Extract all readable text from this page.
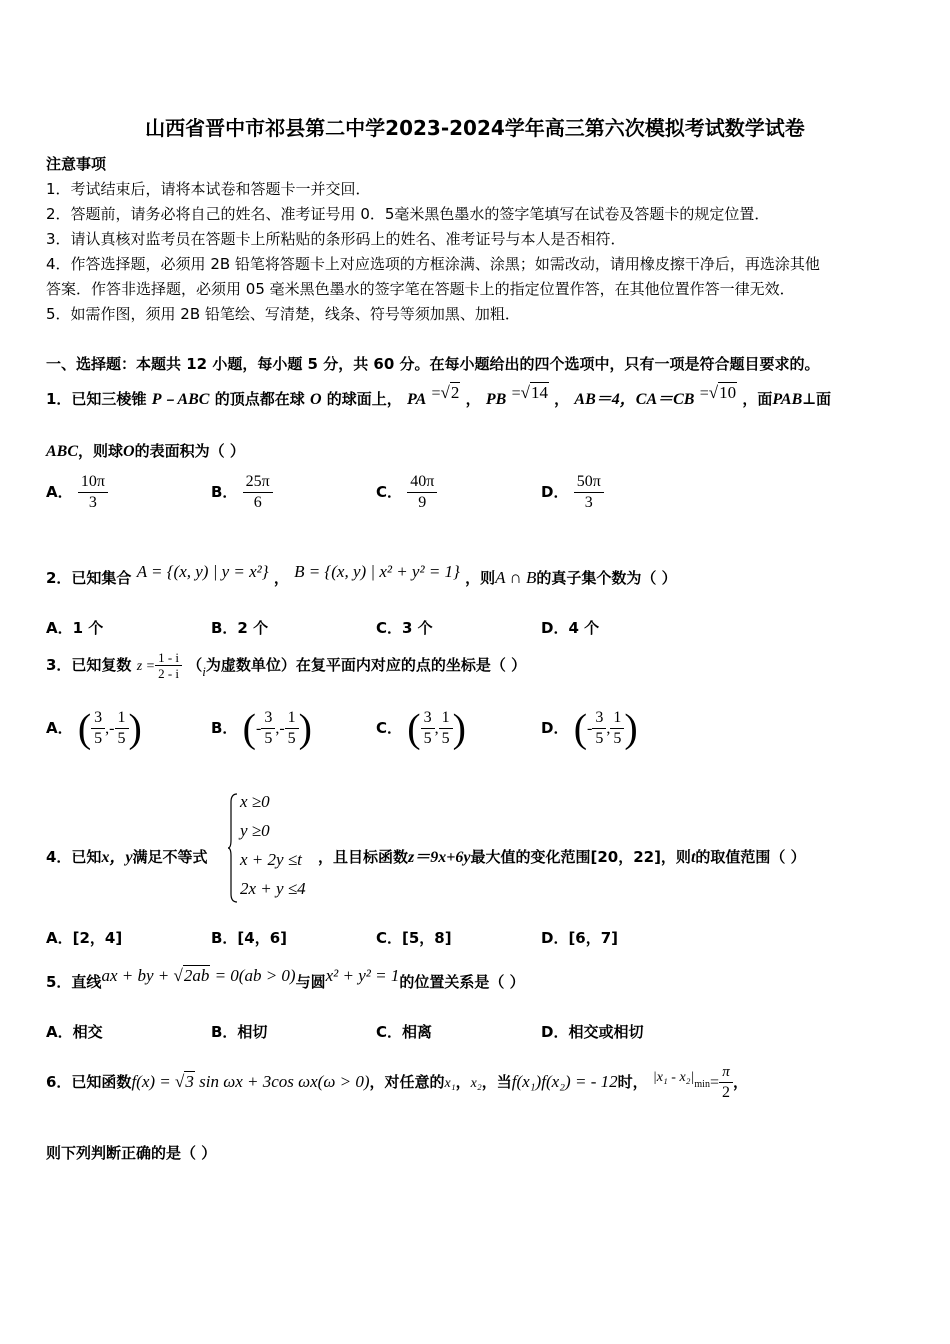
山西省晋中市祁县第二中学2023-2024学年高三第六次模拟考试数学试卷
注意事项
1．考试结束后，请将本试卷和答题卡一并交回．
2．答题前，请务必将自己的姓名、准考证号用 0．5毫米黑色墨水的签字笔填写在试卷及答题卡的规定位置．
3．请认真核对监考员在答题卡上所粘贴的条形码上的姓名、准考证号与本人是否相符．
4．作答选择题，必须用 2B 铅笔将答题卡上对应选项的方框涂满、涂黑；如需改动，请用橡皮擦干净后，再选涂其他
答案．作答非选择题，必须用 05 毫米黑色墨水的签字笔在答题卡上的指定位置作答，在其他位置作答一律无效．
5．如需作图，须用 2B 铅笔绘、写清楚，线条、符号等须加黑、加粗．
一、选择题：本题共 12 小题，每小题 5 分，共 60 分。在每小题给出的四个选项中，只有一项是符合题目要求的。
1．已知三棱锥 P﹣ABC 的顶点都在球 O 的球面上， PA =√2 ， PB =√14 ， AB＝4，CA＝CB =√10 ，面PAB⊥面
ABC，则球O的表面积为（ ）
A． $\frac{10\pi}{3}$	B． $\frac{25\pi}{6}$	C． $\frac{40\pi}{9}$	D． $\frac{50\pi}{3}$
2．已知集合 A = {(x, y) | y = x²} ， B = {(x, y) | x² + y² = 1} ，则A ∩ B的真子集个数为（ ）
A．1 个	B．2 个	C．3 个	D．4 个
3．已知复数 $z = \frac{1 - i}{2 - i} (i$为虚数单位）在复平面内对应的点的坐标是（ ）
A． ( $\frac{3}{5}$ ,- $\frac{1}{5}$ )	B． (- $\frac{3}{5}$ ,- $\frac{1}{5}$ )	C． ( $\frac{3}{5}$ , $\frac{1}{5}$ )	D． (- $\frac{3}{5}$ , $\frac{1}{5}$ )
4．已知x，y满足不等式
x ≥0
y ≥0
x + 2y ≤t
2x + y ≤4
，且目标函数z＝9x+6y最大值的变化范围[20，22]，则t的取值范围（ ）
A．[2，4]	B．[4，6]	C．[5，8]	D．[6，7]
5．直线ax + by + √2ab = 0(ab > 0)与圆x² + y² = 1的位置关系是（ ）
A．相交	B．相切	C．相离	D．相交或相切
6．已知函数f(x) = √3 sin ωx + 3cos ωx(ω > 0)，对任意的x₁，x₂，当f(x₁)f(x₂) = - 12时， $|x_1 - x_2|\min= \frac{\pi}{2}$ ，
则下列判断正确的是（ ）
